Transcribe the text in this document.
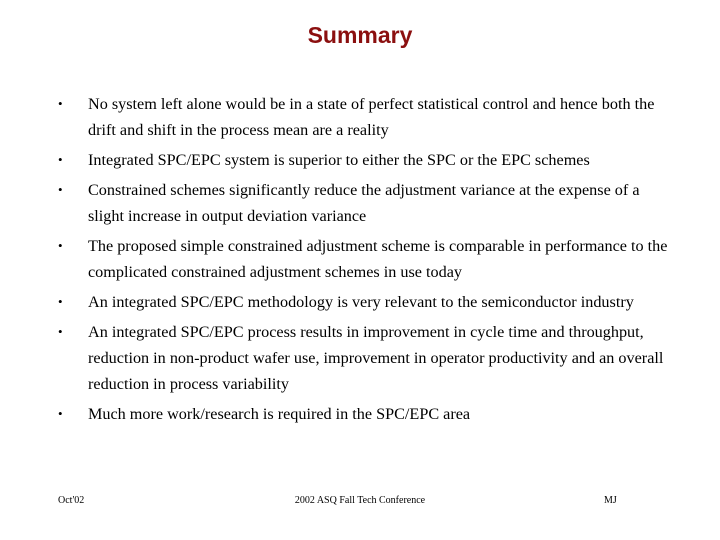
Summary
• No system left alone would be in a state of perfect statistical control and hence both the drift and shift in the process mean are a reality
• Integrated SPC/EPC system is superior to either the SPC or the EPC schemes
• Constrained schemes significantly reduce the adjustment variance at the expense of a slight increase in output deviation variance
• The proposed simple constrained adjustment scheme is comparable in performance to the complicated constrained adjustment schemes in use today
• An integrated SPC/EPC methodology is very relevant to the semiconductor industry
• An integrated SPC/EPC process results in improvement in cycle time and throughput, reduction in non-product wafer use, improvement in operator productivity and an overall reduction in process variability
• Much more work/research is required in the SPC/EPC area
Oct'02	2002 ASQ Fall Tech Conference	MJ
